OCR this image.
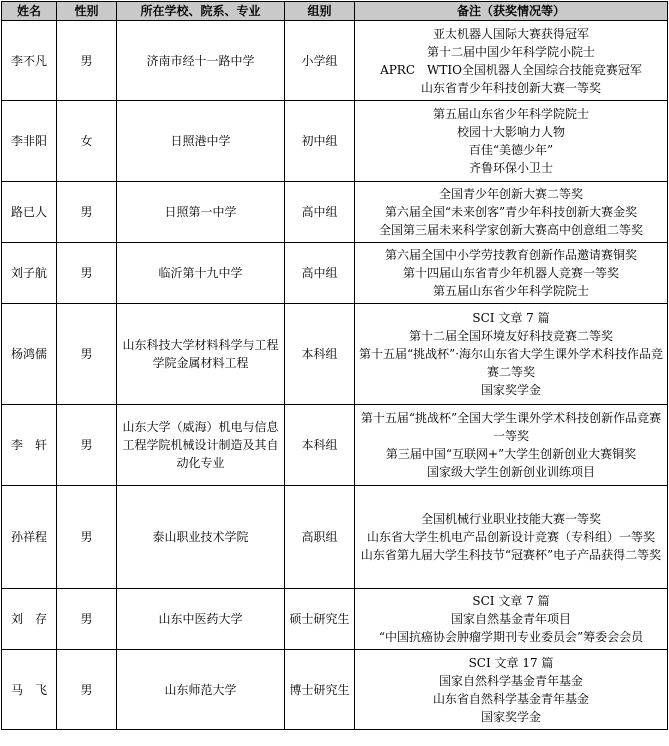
姓名	性别	所在学校、院系、专业	组别	备注（获奖情况等）
李不凡	男	济南市经十一路中学	小学组	亚太机器人国际大赛获得冠军
第十二届中国少年科学院小院士
APRC　WTIO全国机器人全国综合技能竞赛冠军
山东省青少年科技创新大赛一等奖

李非阳	女	日照港中学	初中组	第五届山东省少年科学院院士
校园十大影响力人物
百佳“美德少年”
齐鲁环保小卫士

路已人	男	日照第一中学	高中组	全国青少年创新大赛二等奖
第六届全国“未来创客”青少年科技创新大赛金奖
全国第三届未来科学家创新大赛高中创意组二等奖

刘子航	男	临沂第十九中学	高中组	第六届全国中小学劳技教育创新作品邀请赛铜奖
第十四届山东省青少年机器人竞赛一等奖
第五届山东省少年科学院院士

杨鸿儒	男	山东科技大学材料科学与工程学院金属材料工程	本科组	SCI 文章 7 篇
第十二届全国环境友好科技竞赛二等奖
第十五届“挑战杯”·海尔山东省大学生课外学术科技作品竞赛二等奖
国家奖学金

李　轩	男	山东大学（威海）机电与信息工程学院机械设计制造及其自动化专业	本科组	第十五届“挑战杯”全国大学生课外学术科技创新作品竞赛一等奖
第三届中国“互联网+”大学生创新创业大赛铜奖
国家级大学生创新创业训练项目

孙祥程	男	泰山职业技术学院	高职组	全国机械行业职业技能大赛一等奖
山东省大学生机电产品创新设计竞赛（专科组）一等奖
山东省第九届大学生科技节“冠赛杯”电子产品获得二等奖

刘　存	男	山东中医药大学	硕士研究生	SCI 文章 7 篇
国家自然基金青年项目
“中国抗癌协会肿瘤学期刊专业委员会”筹委会会员

马　飞	男	山东师范大学	博士研究生	SCI 文章 17 篇
国家自然科学基金青年基金
山东省自然科学基金青年基金
国家奖学金
